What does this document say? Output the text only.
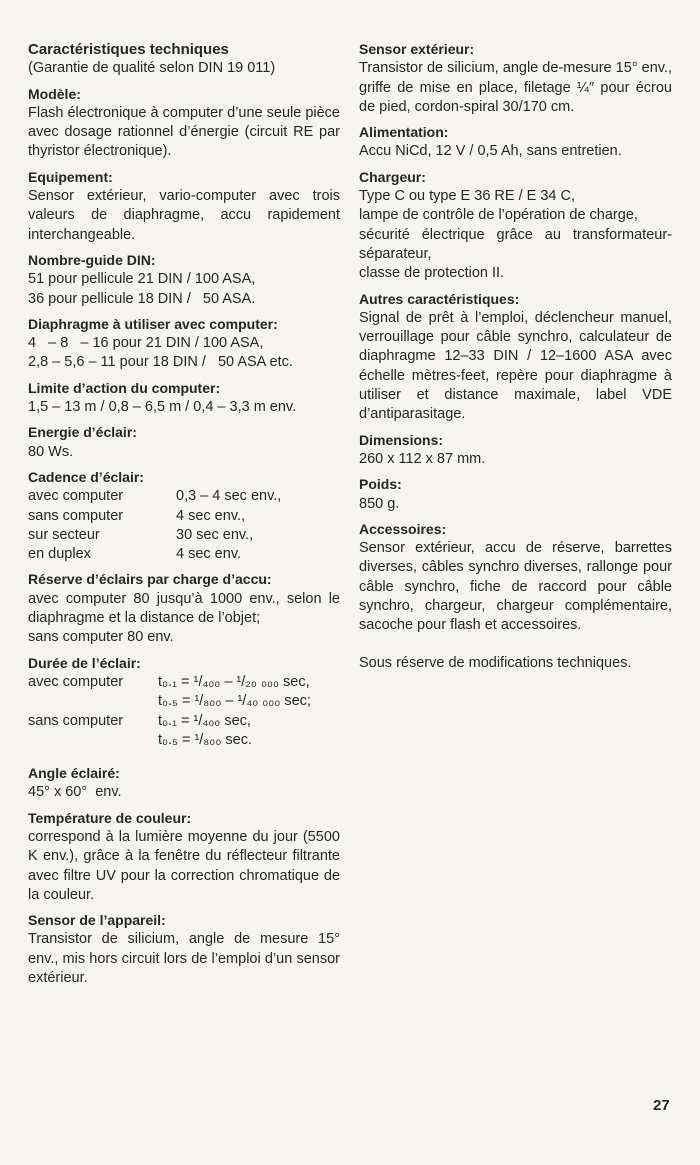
Caractéristiques techniques
(Garantie de qualité selon DIN 19 011)
Modèle:
Flash électronique à computer d’une seule pièce avec dosage rationnel d’énergie (circuit RE par thyristor électronique).
Equipement:
Sensor extérieur, vario-computer avec trois valeurs de diaphragme, accu rapidement interchangeable.
Nombre-guide DIN:
51 pour pellicule 21 DIN / 100 ASA,
36 pour pellicule 18 DIN /   50 ASA.
Diaphragme à utiliser avec computer:
4   – 8   – 16 pour 21 DIN / 100 ASA,
2,8 – 5,6 – 11 pour 18 DIN /   50 ASA etc.
Limite d’action du computer:
1,5 – 13 m / 0,8 – 6,5 m / 0,4 – 3,3 m env.
Energie d’éclair:
80 Ws.
Cadence d’éclair:
avec computer	0,3 – 4 sec env.,
sans computer	4 sec env.,
sur secteur	30 sec env.,
en duplex	4 sec env.
Réserve d’éclairs par charge d’accu:
avec computer 80 jusqu’à 1000 env., selon le diaphragme et la distance de l’objet;
sans computer 80 env.
Durée de l’éclair:
avec computer	t₀.₁ = ¹/₄₀₀ – ¹/₂₀ ₀₀₀ sec,
t₀.₅ = ¹/₈₀₀ – ¹/₄₀ ₀₀₀ sec;
sans computer	t₀.₁ = ¹/₄₀₀ sec,
t₀.₅ = ¹/₈₀₀ sec.
Angle éclairé:
45° x 60°  env.
Température de couleur:
correspond à la lumière moyenne du jour (5500 K env.), grâce à la fenêtre du réflecteur filtrante avec filtre UV pour la correction chromatique de la couleur.
Sensor de l’appareil:
Transistor de silicium, angle de mesure 15° env., mis hors circuit lors de l’emploi d’un sensor extérieur.
Sensor extérieur:
Transistor de silicium, angle de-mesure 15° env., griffe de mise en place, filetage ¼″ pour écrou de pied, cordon-spiral 30/170 cm.
Alimentation:
Accu NiCd, 12 V / 0,5 Ah, sans entretien.
Chargeur:
Type C ou type E 36 RE / E 34 C,
lampe de contrôle de l’opération de charge,
sécurité électrique grâce au transformateur-séparateur,
classe de protection II.
Autres caractéristiques:
Signal de prêt à l’emploi, déclencheur manuel, verrouillage pour câble synchro, calculateur de diaphragme 12–33 DIN / 12–1600 ASA avec échelle mètres-feet, repère pour diaphragme à utiliser et distance maximale, label VDE d’antiparasitage.
Dimensions:
260 x 112 x 87 mm.
Poids:
850 g.
Accessoires:
Sensor extérieur, accu de réserve, barrettes diverses, câbles synchro diverses, rallonge pour câble synchro, fiche de raccord pour câble synchro, chargeur, chargeur complémentaire, sacoche pour flash et accessoires.
Sous réserve de modifications techniques.
27
